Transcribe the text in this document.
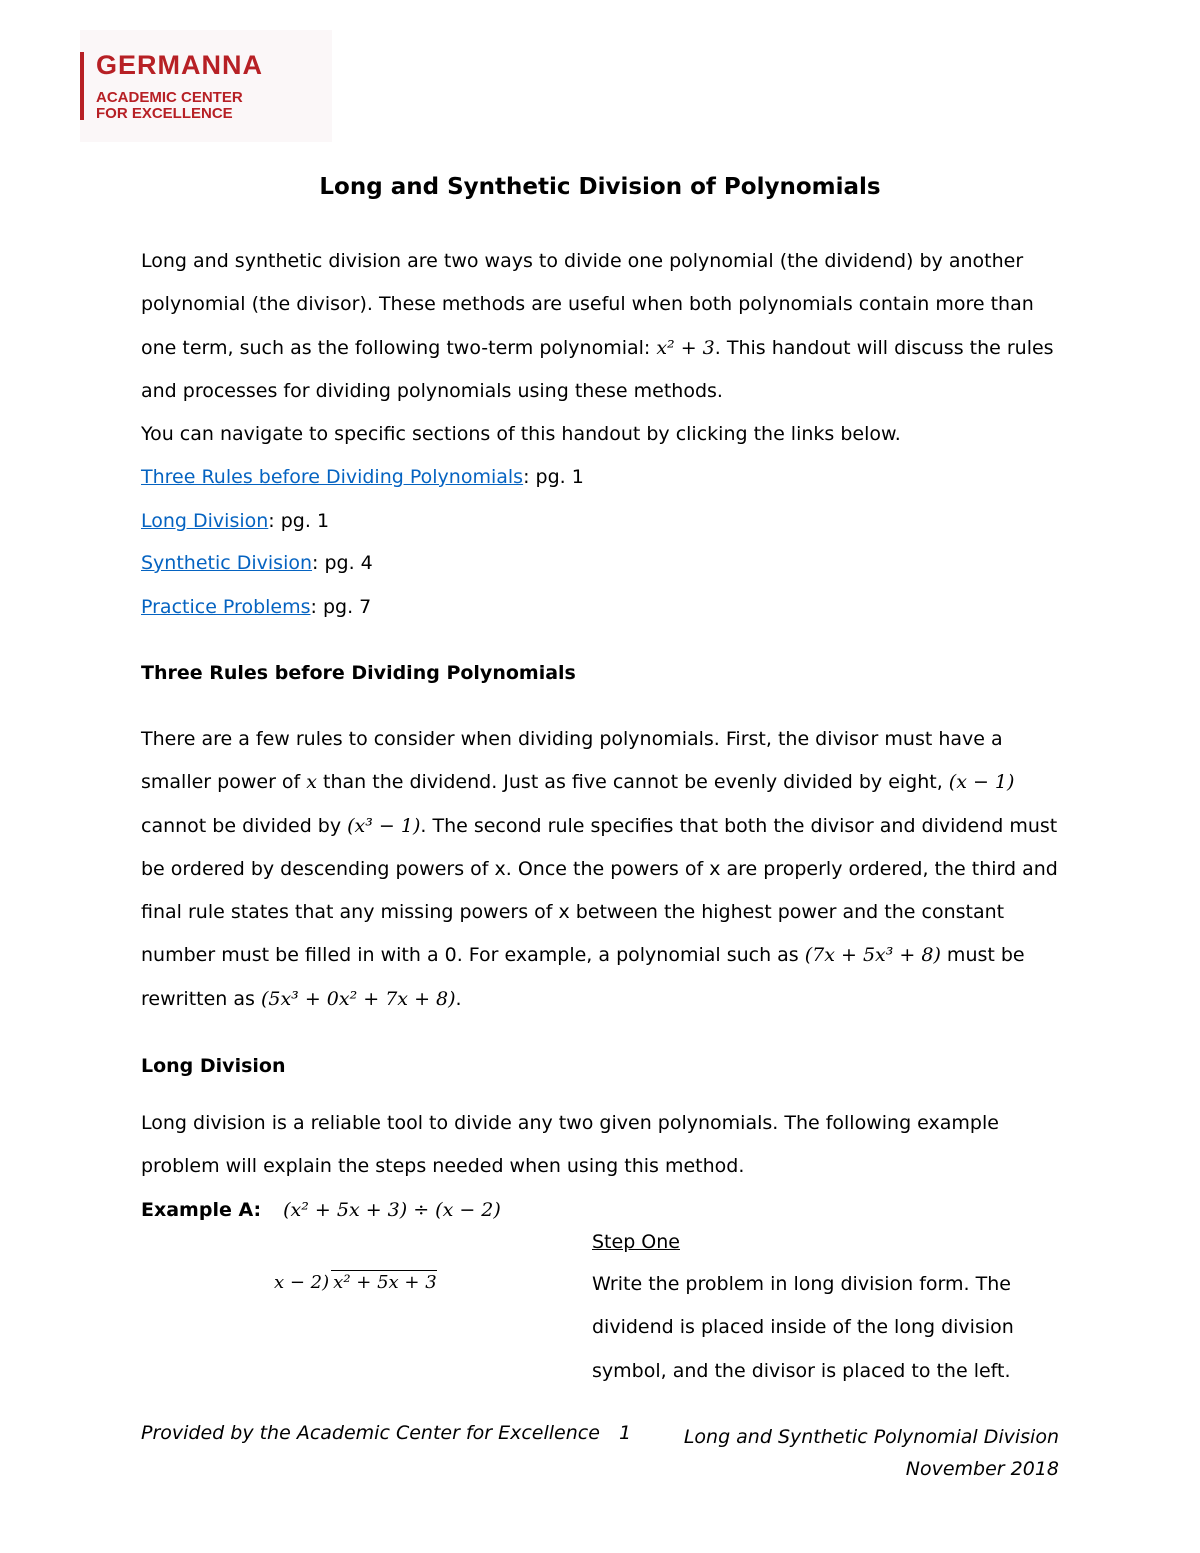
GERMANNA
ACADEMIC CENTER
FOR EXCELLENCE
Long and Synthetic Division of Polynomials
Long and synthetic division are two ways to divide one polynomial (the dividend) by another polynomial (the divisor). These methods are useful when both polynomials contain more than one term, such as the following two-term polynomial: x² + 3. This handout will discuss the rules and processes for dividing polynomials using these methods.
You can navigate to specific sections of this handout by clicking the links below.
Three Rules before Dividing Polynomials: pg. 1
Long Division: pg. 1
Synthetic Division: pg. 4
Practice Problems: pg. 7
Three Rules before Dividing Polynomials
There are a few rules to consider when dividing polynomials. First, the divisor must have a smaller power of x than the dividend. Just as five cannot be evenly divided by eight, (x − 1) cannot be divided by (x³ − 1). The second rule specifies that both the divisor and dividend must be ordered by descending powers of x. Once the powers of x are properly ordered, the third and final rule states that any missing powers of x between the highest power and the constant number must be filled in with a 0. For example, a polynomial such as (7x + 5x³ + 8) must be rewritten as (5x³ + 0x² + 7x + 8).
Long Division
Long division is a reliable tool to divide any two given polynomials. The following example problem will explain the steps needed when using this method.
Example A: (x² + 5x + 3) ÷ (x − 2)
x − 2) x² + 5x + 3
Step One
Write the problem in long division form. The dividend is placed inside of the long division symbol, and the divisor is placed to the left.
Provided by the Academic Center for Excellence 1	Long and Synthetic Polynomial Division
November 2018
